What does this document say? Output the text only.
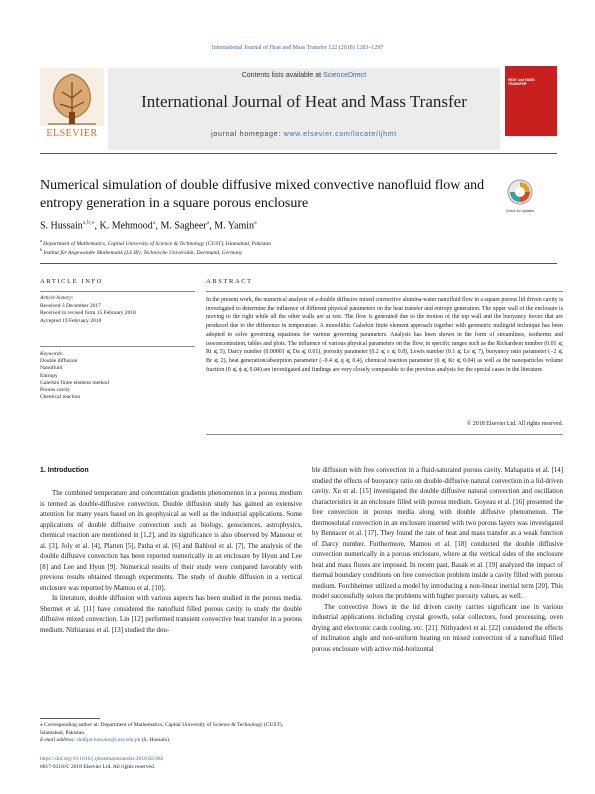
International Journal of Heat and Mass Transfer 122 (2018) 1283–1297
ELSEVIER
Contents lists available at ScienceDirect
International Journal of Heat and Mass Transfer
journal homepage: www.elsevier.com/locate/ijhmt
HEAT and MASS TRANSFER
Numerical simulation of double diffusive mixed convective nanofluid flow and entropy generation in a square porous enclosure	Check for updates
S. Hussain$^{a,b,⁎}$, K. Mehmood$^a$, M. Sagheer$^a$, M. Yamin$^a$
$^a$ Department of Mathematics, Capital University of Science & Technology (CUST), Islamabad, Pakistan
$^b$ Institut für Angewandte Mathematik (LS III), Technische Universität, Dortmund, Germany
ARTICLE INFO
Article history:
Received 3 December 2017
Received in revised form 15 February 2018
Accepted 19 February 2018
Keywords:
Double diffusion
Nanofluid
Entropy
Galerkin finite element method
Porous cavity
Chemical reaction
ABSTRACT
In the present work, the numerical analysis of a double diffusive mixed convective alumina-water nanofluid flow in a square porous lid driven cavity is investigated to determine the influence of different physical parameters on the heat transfer and entropy generation. The upper wall of the enclosure is moving to the right while all the other walls are at rest. The flow is generated due to the motion of the top wall and the buoyancy forces that are produced due to the difference in temperature. A monolithic Galerkin finite element approach together with geometric multigrid technique has been adopted to solve governing equations for various governing parameters. Analysis has been shown in the form of streamlines, isotherms and isoconcentration, tables and plots. The influence of various physical parameters on the flow, in specific ranges such as the Richardson number (0.01 ⩽ Ri ⩽ 5), Darcy number (0.00001 ⩽ Da ⩽ 0.01), porosity parameter (0.2 ⩽ ε ⩽ 0.8), Lewis number (0.1 ⩽ Le ⩽ 7), buoyancy ratio parameter (−2 ⩽ Br ⩽ 2), heat generation/absorption parameter (−0.4 ⩽ q ⩽ 0.4), chemical reaction parameter (0 ⩽ Kr ⩽ 0.04) as well as the nanoparticles volume fraction (0 ⩽ ϕ ⩽ 0.04) are investigated and findings are very closely comparable to the previous analysis for the special cases in the literature.
© 2018 Elsevier Ltd. All rights reserved.
1. Introduction

The combined temperature and concentration gradients phenomenon in a porous medium is termed as double-diffusive convection. Double diffusion study has gained an extensive attention for many years based on its geophysical as well as the industrial applications. Some applications of double diffusive convection such as biology, geosciences, astrophysics, chemical reaction are mentioned in [1,2], and its significance is also observed by Mansour et al. [3], Joly et al. [4], Platten [5], Patha et al. [6] and Bahloul et al. [7]. The analysis of the double diffusive convection has been reported numerically in an enclosure by Hyun and Lee [8] and Lee and Hyun [9]. Numerical results of their study were compared favorably with previous results obtained through experiments. The study of double diffusion in a vertical enclosure was reported by Mamou et al. [10].

In literature, double diffusion with various aspects has been studied in the porous media. Shermet et al. [11] have considered the nanofluid filled porous cavity to study the double diffusive mixed convection. Lin [12] performed transient convective heat transfer in a porous medium. Nithiarasu et al. [13] studied the dou-

ble diffusion with free convection in a fluid-saturated porous cavity. Mahapatra et al. [14] studied the effects of buoyancy ratio on double-diffusive natural convection in a lid-driven cavity. Xu et al. [15] investigated the double diffusive natural convection and oscillation characteristics in an enclosure filled with porous medium. Goyeau et al. [16] presented the free convection in porous media along with double diffusive phenomenon. The thermosolutal convection in an enclosure inserted with two porous layers was investigated by Bennacer et al. [17]. They found the rate of heat and mass transfer as a weak function of Darcy number. Furthermore, Mamou et al. [18] conducted the double diffusive convection numerically in a porous enclosure, where at the vertical sides of the enclosure heat and mass fluxes are imposed. In recent past, Basak et al. [19] analyzed the impact of thermal boundary conditions on free convection problem inside a cavity filled with porous medium. Forchheimer utilized a model by introducing a non-linear inertial term [20]. This model successfully solves the problems with higher porosity values, as well.

The convective flows in the lid driven cavity carries significant use in various industrial applications including crystal growth, solar collectors, food processing, oven drying and electronic cards cooling, etc. [21]. Nithyadevi et al. [22] considered the effects of inclination angle and non-uniform heating on mixed convection of a nanofluid filled porous enclosure with active mid-horizontal

⁎ Corresponding author at: Department of Mathematics, Capital University of Science & Technology (CUST), Islamabad, Pakistan.
E-mail address: shafqat.hussain@cust.edu.pk (S. Hussain).
https://doi.org/10.1016/j.ijheatmasstransfer.2018.02.082
0017-9310/© 2018 Elsevier Ltd. All rights reserved.
